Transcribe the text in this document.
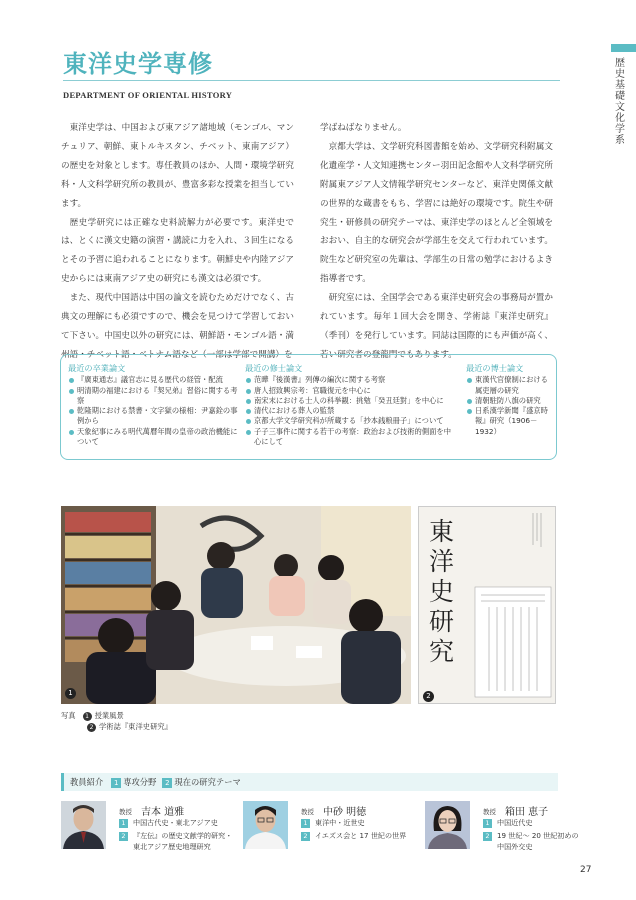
歴史基礎文化学系
東洋史学専修
DEPARTMENT OF ORIENTAL HISTORY

東洋史学は、中国および東アジア諸地域（モンゴル、マンチュリア、朝鮮、東トルキスタン、チベット、東南アジア）の歴史を対象とします。専任教員のほか、人間・環境学研究科・人文科学研究所の教員が、豊富多彩な授業を担当しています。

歴史学研究には正確な史料読解力が必要です。東洋史では、とくに漢文史籍の演習・講読に力を入れ、３回生になるとその予習に追われることになります。朝鮮史や内陸アジア史からには東南アジア史の研究にも漢文は必須です。

また、現代中国語は中国の論文を読むためだけでなく、古典文の理解にも必須ですので、機会を見つけて学習しておいて下さい。中国史以外の研究には、朝鮮語・モンゴル語・満州語・チベット語・ベトナム語など（一部は学部で開講）を

学ばねばなりません。

京都大学は、文学研究科図書館を始め、文学研究科附属文化遺産学・人文知連携センター羽田記念館や人文科学研究所附属東アジア人文情報学研究センターなど、東洋史関係文献の世界的な蔵書をもち、学習には絶好の環境です。院生や研究生・研修員の研究テーマは、東洋史学のほとんど全領域をおおい、自主的な研究会が学部生を交えて行われています。院生など研究室の先輩は、学部生の日常の勉学におけるよき指導者です。

研究室には、全国学会である東洋史研究会の事務局が置かれています。毎年１回大会を開き、学術誌『東洋史研究』（季刊）を発行しています。同誌は国際的にも声価が高く、若い研究者の登龍門でもあります。

最近の卒業論文
『廣東通志』議官志に見る歴代の経管・配流
明清期の福建における『契兄弟』習俗に関する考察
乾隆期における禁書・文字獄の様相：尹嘉銓の事例から
天象紀事にみる明代萬曆年間の皇帝の政治機能について
最近の修士論文
范曄『後漢書』列傳の編次に関する考察
唐人招致興宗考：官職復元を中心に
南宋末における士人の科挙観：挑勉「癸丑廷對」を中心に
清代における葬人の監禁
京都大学文学研究科が所蔵する「抄本銭粮冊子」について
子子三事件に関する若干の考察：政治および技術的側面を中心にして
最近の博士論文
東漢代官僚制における属吏層の研究
清朝駐防八旗の研究
日系漢学新聞『盛京時報』研究（1906－1932）
1
東洋史研究
2
写真 1 授業風景
2 学術誌『東洋史研究』
教員紹介 1 専攻分野 2 現在の研究テーマ
教授 吉本 道雅
1 中国古代史・東北アジア史
2 『左伝』の歴史文献学的研究・
東北アジア歴史地理研究
教授 中砂 明徳
1 東洋中・近世史
2 イエズス会と 17 世紀の世界
教授 箱田 恵子
1 中国近代史
2 19 世紀～ 20 世紀初めの
中国外交史
27
